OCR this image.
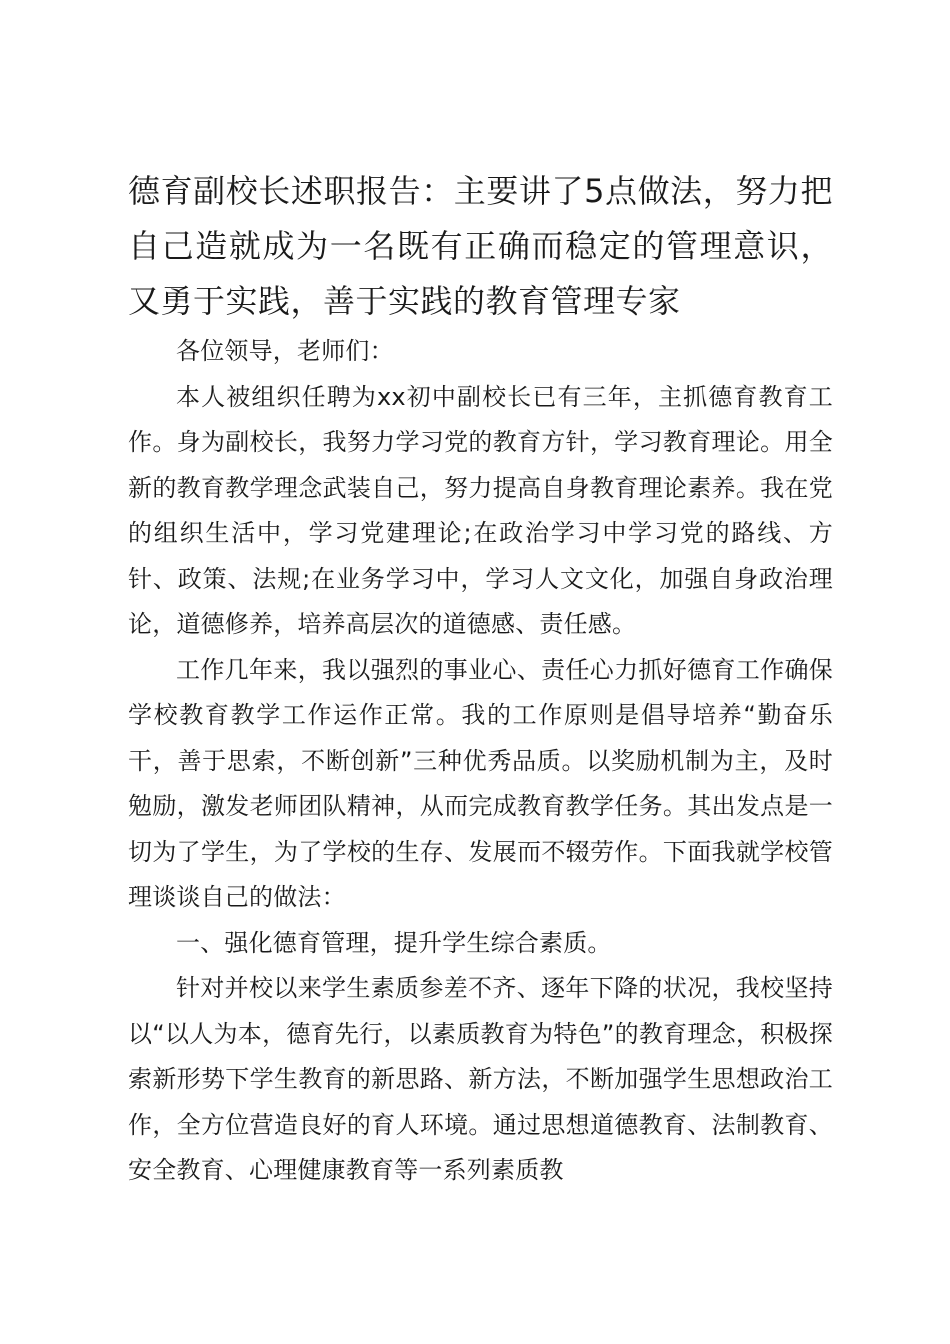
德育副校长述职报告：主要讲了5点做法，努力把自己造就成为一名既有正确而稳定的管理意识，又勇于实践，善于实践的教育管理专家

各位领导，老师们：

本人被组织任聘为xx初中副校长已有三年，主抓德育教育工作。身为副校长，我努力学习党的教育方针，学习教育理论。用全新的教育教学理念武装自己，努力提高自身教育理论素养。我在党的组织生活中，学习党建理论;在政治学习中学习党的路线、方针、政策、法规;在业务学习中，学习人文文化，加强自身政治理论，道德修养，培养高层次的道德感、责任感。

工作几年来，我以强烈的事业心、责任心力抓好德育工作确保学校教育教学工作运作正常。我的工作原则是倡导培养“勤奋乐干，善于思索，不断创新”三种优秀品质。以奖励机制为主，及时勉励，激发老师团队精神，从而完成教育教学任务。其出发点是一切为了学生，为了学校的生存、发展而不辍劳作。下面我就学校管理谈谈自己的做法：

一、强化德育管理，提升学生综合素质。

针对并校以来学生素质参差不齐、逐年下降的状况，我校坚持以“以人为本，德育先行，以素质教育为特色”的教育理念，积极探索新形势下学生教育的新思路、新方法，不断加强学生思想政治工作，全方位营造良好的育人环境。通过思想道德教育、法制教育、安全教育、心理健康教育等一系列素质教
